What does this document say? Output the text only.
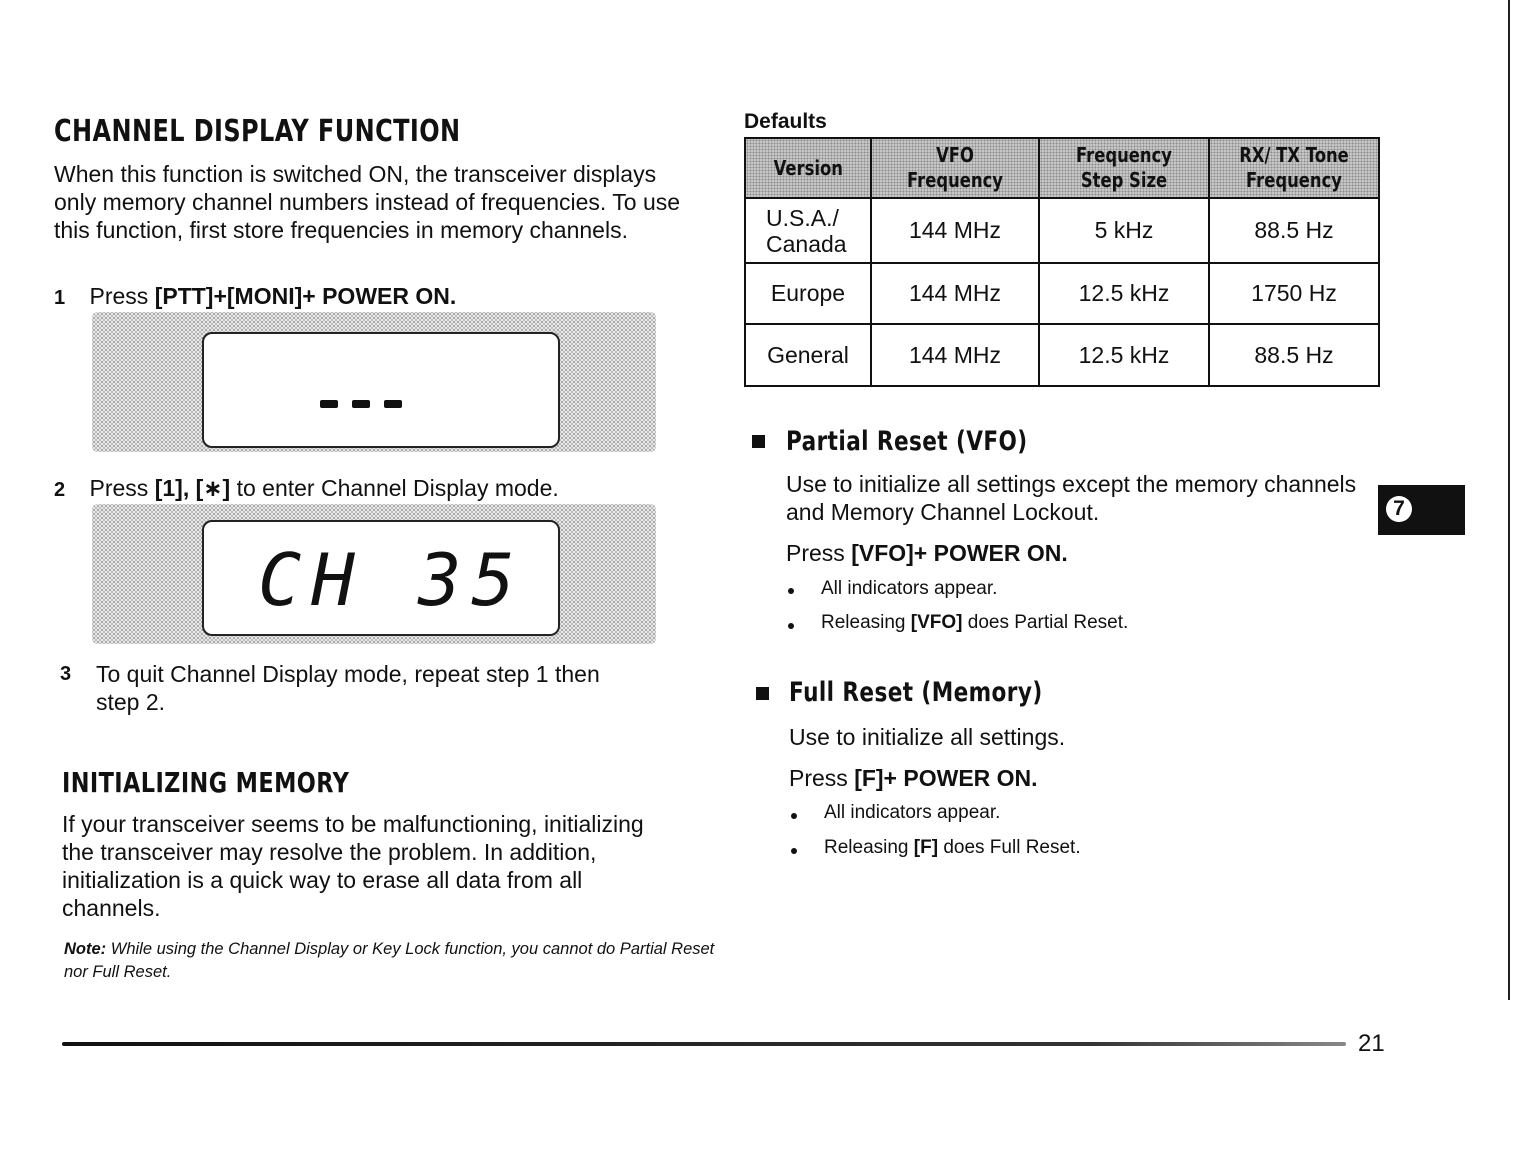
CHANNEL DISPLAY FUNCTION
When this function is switched ON, the transceiver displays only memory channel numbers instead of frequencies. To use this function, first store frequencies in memory channels.
1 Press [PTT]+[MONI]+ POWER ON.
2 Press [1], [∗] to enter Channel Display mode.
CH 35
3 To quit Channel Display mode, repeat step 1 then step 2.
INITIALIZING MEMORY
If your transceiver seems to be malfunctioning, initializing the transceiver may resolve the problem. In addition, initialization is a quick way to erase all data from all channels.
Note: While using the Channel Display or Key Lock function, you cannot do Partial Reset nor Full Reset.
Defaults
Version	VFO Frequency	Frequency Step Size	RX/ TX Tone Frequency
U.S.A./ Canada	144 MHz	5 kHz	88.5 Hz
Europe	144 MHz	12.5 kHz	1750 Hz
General	144 MHz	12.5 kHz	88.5 Hz
Partial Reset (VFO)
Use to initialize all settings except the memory channels and Memory Channel Lockout.
Press [VFO]+ POWER ON.
All indicators appear.
Releasing [VFO] does Partial Reset.
Full Reset (Memory)
Use to initialize all settings.
Press [F]+ POWER ON.
All indicators appear.
Releasing [F] does Full Reset.
7
21
